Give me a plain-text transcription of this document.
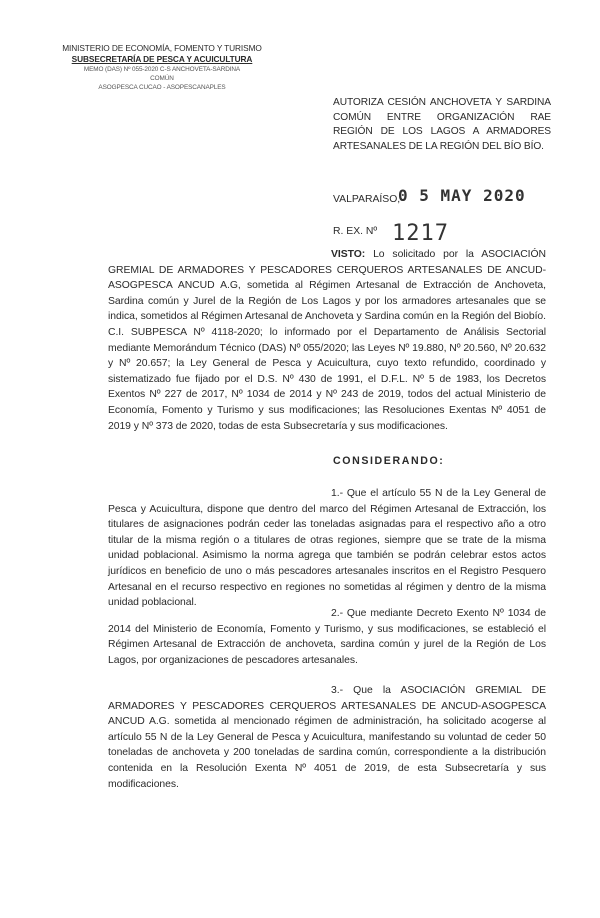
MINISTERIO DE ECONOMÍA, FOMENTO Y TURISMO
SUBSECRETARÍA DE PESCA Y ACUICULTURA
MEMO (DAS) Nº 055-2020 C-S ANCHOVETA-SARDINA
COMÚN
ASOGPESCA CUCAO - ASOPESCANAPLES
AUTORIZA CESIÓN ANCHOVETA Y SARDINA COMÚN ENTRE ORGANIZACIÓN RAE REGIÓN DE LOS LAGOS A ARMADORES ARTESANALES DE LA REGIÓN DEL BÍO BÍO.
VALPARAÍSO,
0 5 MAY 2020
R. EX. Nº 1217
VISTO: Lo solicitado por la ASOCIACIÓN GREMIAL DE ARMADORES Y PESCADORES CERQUEROS ARTESANALES DE ANCUD-ASOGPESCA ANCUD A.G, sometida al Régimen Artesanal de Extracción de Anchoveta, Sardina común y Jurel de la Región de Los Lagos y por los armadores artesanales que se indica, sometidos al Régimen Artesanal de Anchoveta y Sardina común en la Región del Biobío. C.I. SUBPESCA Nº 4118-2020; lo informado por el Departamento de Análisis Sectorial mediante Memorándum Técnico (DAS) Nº 055/2020; las Leyes Nº 19.880, Nº 20.560, Nº 20.632 y Nº 20.657; la Ley General de Pesca y Acuicultura, cuyo texto refundido, coordinado y sistematizado fue fijado por el D.S. Nº 430 de 1991, el D.F.L. Nº 5 de 1983, los Decretos Exentos Nº 227 de 2017, Nº 1034 de 2014 y Nº 243 de 2019, todos del actual Ministerio de Economía, Fomento y Turismo y sus modificaciones; las Resoluciones Exentas Nº 4051 de 2019 y Nº 373 de 2020, todas de esta Subsecretaría y sus modificaciones.
CONSIDERANDO:
1.- Que el artículo 55 N de la Ley General de Pesca y Acuicultura, dispone que dentro del marco del Régimen Artesanal de Extracción, los titulares de asignaciones podrán ceder las toneladas asignadas para el respectivo año a otro titular de la misma región o a titulares de otras regiones, siempre que se trate de la misma unidad poblacional. Asimismo la norma agrega que también se podrán celebrar estos actos jurídicos en beneficio de uno o más pescadores artesanales inscritos en el Registro Pesquero Artesanal en el recurso respectivo en regiones no sometidas al régimen y dentro de la misma unidad poblacional.
2.- Que mediante Decreto Exento Nº 1034 de 2014 del Ministerio de Economía, Fomento y Turismo, y sus modificaciones, se estableció el Régimen Artesanal de Extracción de anchoveta, sardina común y jurel de la Región de Los Lagos, por organizaciones de pescadores artesanales.
3.- Que la ASOCIACIÓN GREMIAL DE ARMADORES Y PESCADORES CERQUEROS ARTESANALES DE ANCUD-ASOGPESCA ANCUD A.G. sometida al mencionado régimen de administración, ha solicitado acogerse al artículo 55 N de la Ley General de Pesca y Acuicultura, manifestando su voluntad de ceder 50 toneladas de anchoveta y 200 toneladas de sardina común, correspondiente a la distribución contenida en la Resolución Exenta Nº 4051 de 2019, de esta Subsecretaría y sus modificaciones.
